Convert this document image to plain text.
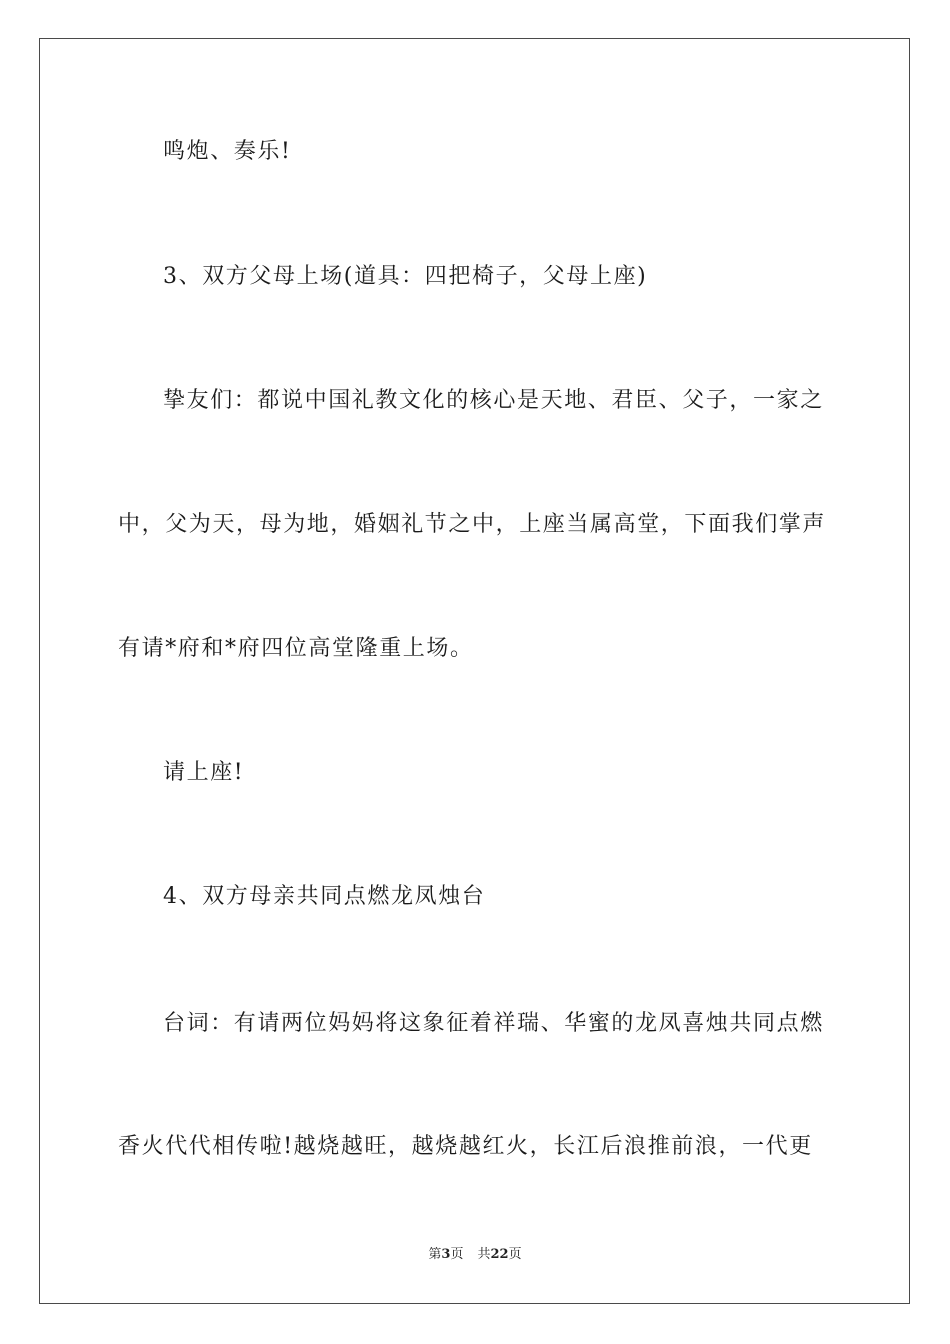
鸣炮、奏乐!
3、双方父母上场(道具：四把椅子，父母上座)
挚友们：都说中国礼教文化的核心是天地、君臣、父子，一家之
中，父为天，母为地，婚姻礼节之中，上座当属高堂，下面我们掌声
有请*府和*府四位高堂隆重上场。
请上座!
4、双方母亲共同点燃龙凤烛台
台词：有请两位妈妈将这象征着祥瑞、华蜜的龙凤喜烛共同点燃
香火代代相传啦!越烧越旺，越烧越红火，长江后浪推前浪，一代更
第3页 共22页
